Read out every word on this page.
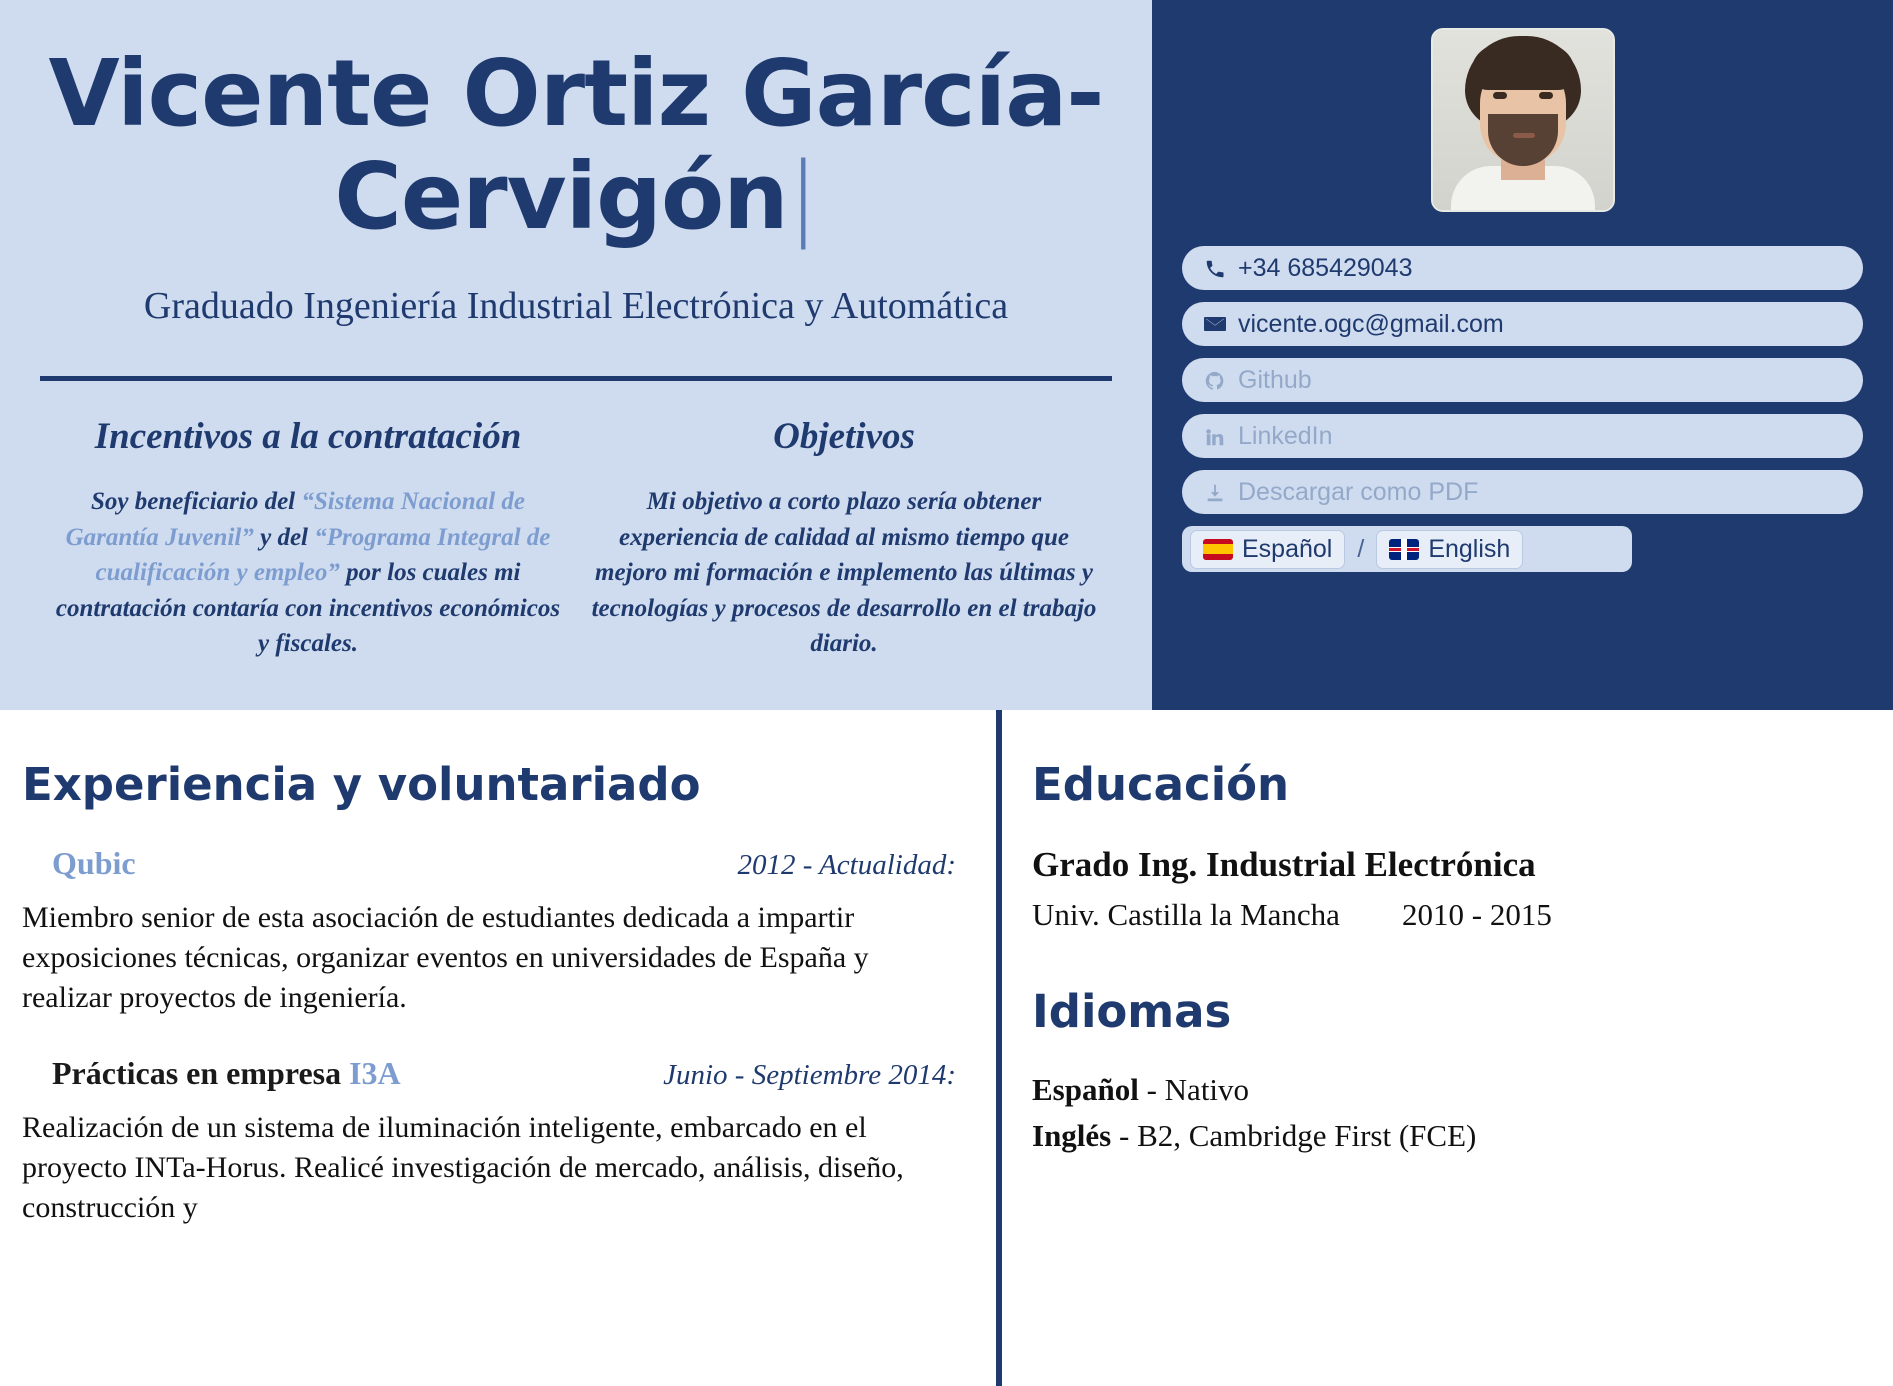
Vicente Ortiz García-Cervigón|
Graduado Ingeniería Industrial Electrónica y Automática
Incentivos a la contratación
Soy beneficiario del “Sistema Nacional de Garantía Juvenil” y del “Programa Integral de cualificación y empleo” por los cuales mi contratación contaría con incentivos económicos y fiscales.
Objetivos
Mi objetivo a corto plazo sería obtener experiencia de calidad al mismo tiempo que mejoro mi formación e implemento las últimas y tecnologías y procesos de desarrollo en el trabajo diario.
+34 685429043
vicente.ogc@gmail.com
Github
LinkedIn
Descargar como PDF
Español /	English
Experiencia y voluntariado
Qubic	2012 - Actualidad:
Miembro senior de esta asociación de estudiantes dedicada a impartir exposiciones técnicas, organizar eventos en universidades de España y realizar proyectos de ingeniería.
Prácticas en empresa I3A	Junio - Septiembre 2014:
Realización de un sistema de iluminación inteligente, embarcado en el proyecto INTa-Horus. Realicé investigación de mercado, análisis, diseño, construcción y
Educación
Grado Ing. Industrial Electrónica
Univ. Castilla la Mancha	2010 - 2015
Idiomas
Español - Nativo
Inglés - B2, Cambridge First (FCE)
